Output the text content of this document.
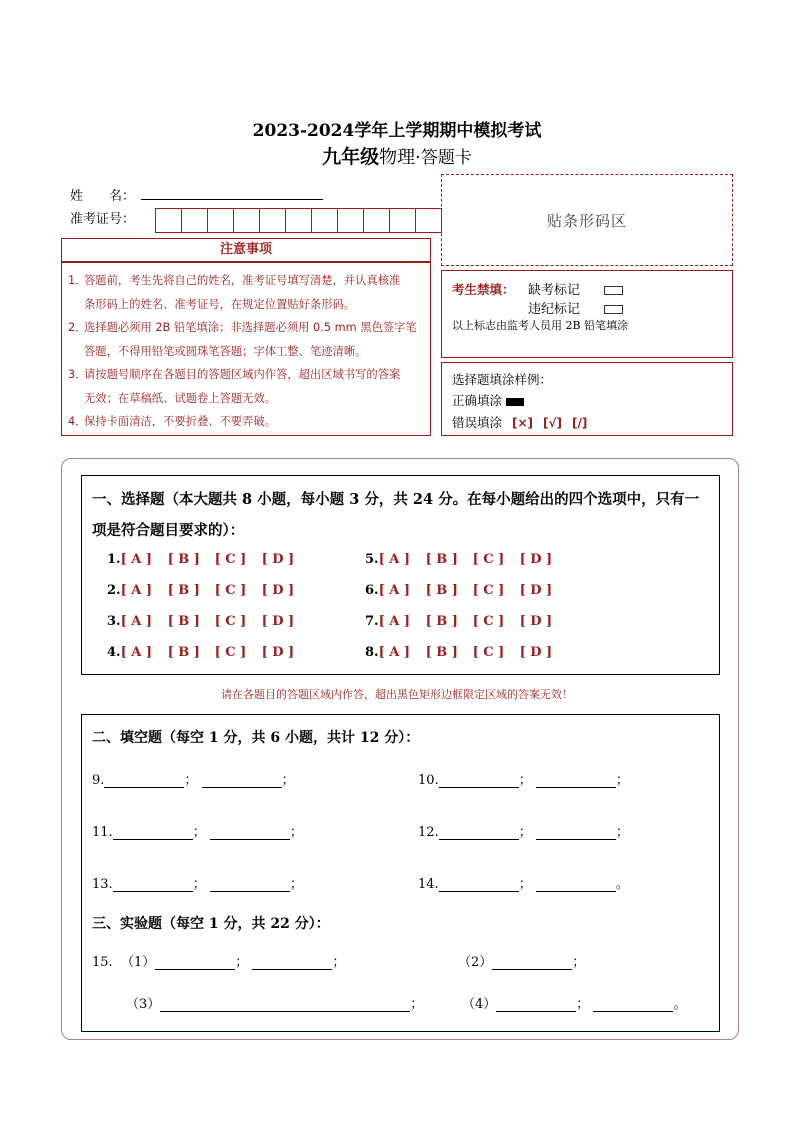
2023-2024学年上学期期中模拟考试
九年级物理·答题卡
姓　　名：
准考证号：	贴条形码区
注意事项
1．答题前，考生先将自己的姓名，准考证号填写清楚，并认真核准
条形码上的姓名、准考证号，在规定位置贴好条形码。
2．选择题必须用 2B 铅笔填涂；非选择题必须用 0.5 mm 黑色签字笔
答题，不得用铅笔或圆珠笔答题；字体工整、笔迹清晰。
3．请按题号顺序在各题目的答题区域内作答，超出区域书写的答案
无效；在草稿纸、试题卷上答题无效。
4．保持卡面清洁，不要折叠、不要弄破。
考生禁填： 缺考标记
违纪标记
以上标志由监考人员用 2B 铅笔填涂
选择题填涂样例：
正确填涂
错误填涂 [×] [√] [/]
一、选择题（本大题共 8 小题，每小题 3 分，共 24 分。在每小题给出的四个选项中，只有一项是符合题目要求的）：
1.[ A ] [ B ] [ C ] [ D ]
2.[ A ] [ B ] [ C ] [ D ]
3.[ A ] [ B ] [ C ] [ D ]
4.[ A ] [ B ] [ C ] [ D ]
5.[ A ] [ B ] [ C ] [ D ]
6.[ A ] [ B ] [ C ] [ D ]
7.[ A ] [ B ] [ C ] [ D ]
8.[ A ] [ B ] [ C ] [ D ]
请在各题目的答题区域内作答，超出黑色矩形边框限定区域的答案无效！
二、填空题（每空 1 分，共 6 小题，共计 12 分）：
9.	；	；	10.	；	；
11.	；	；	12.	；	；
13.	；	；	14.	；	。
三、实验题（每空 1 分，共 22 分）：
15. （1）	；	；	（2）	；
（3）	；	（4）	；	。
